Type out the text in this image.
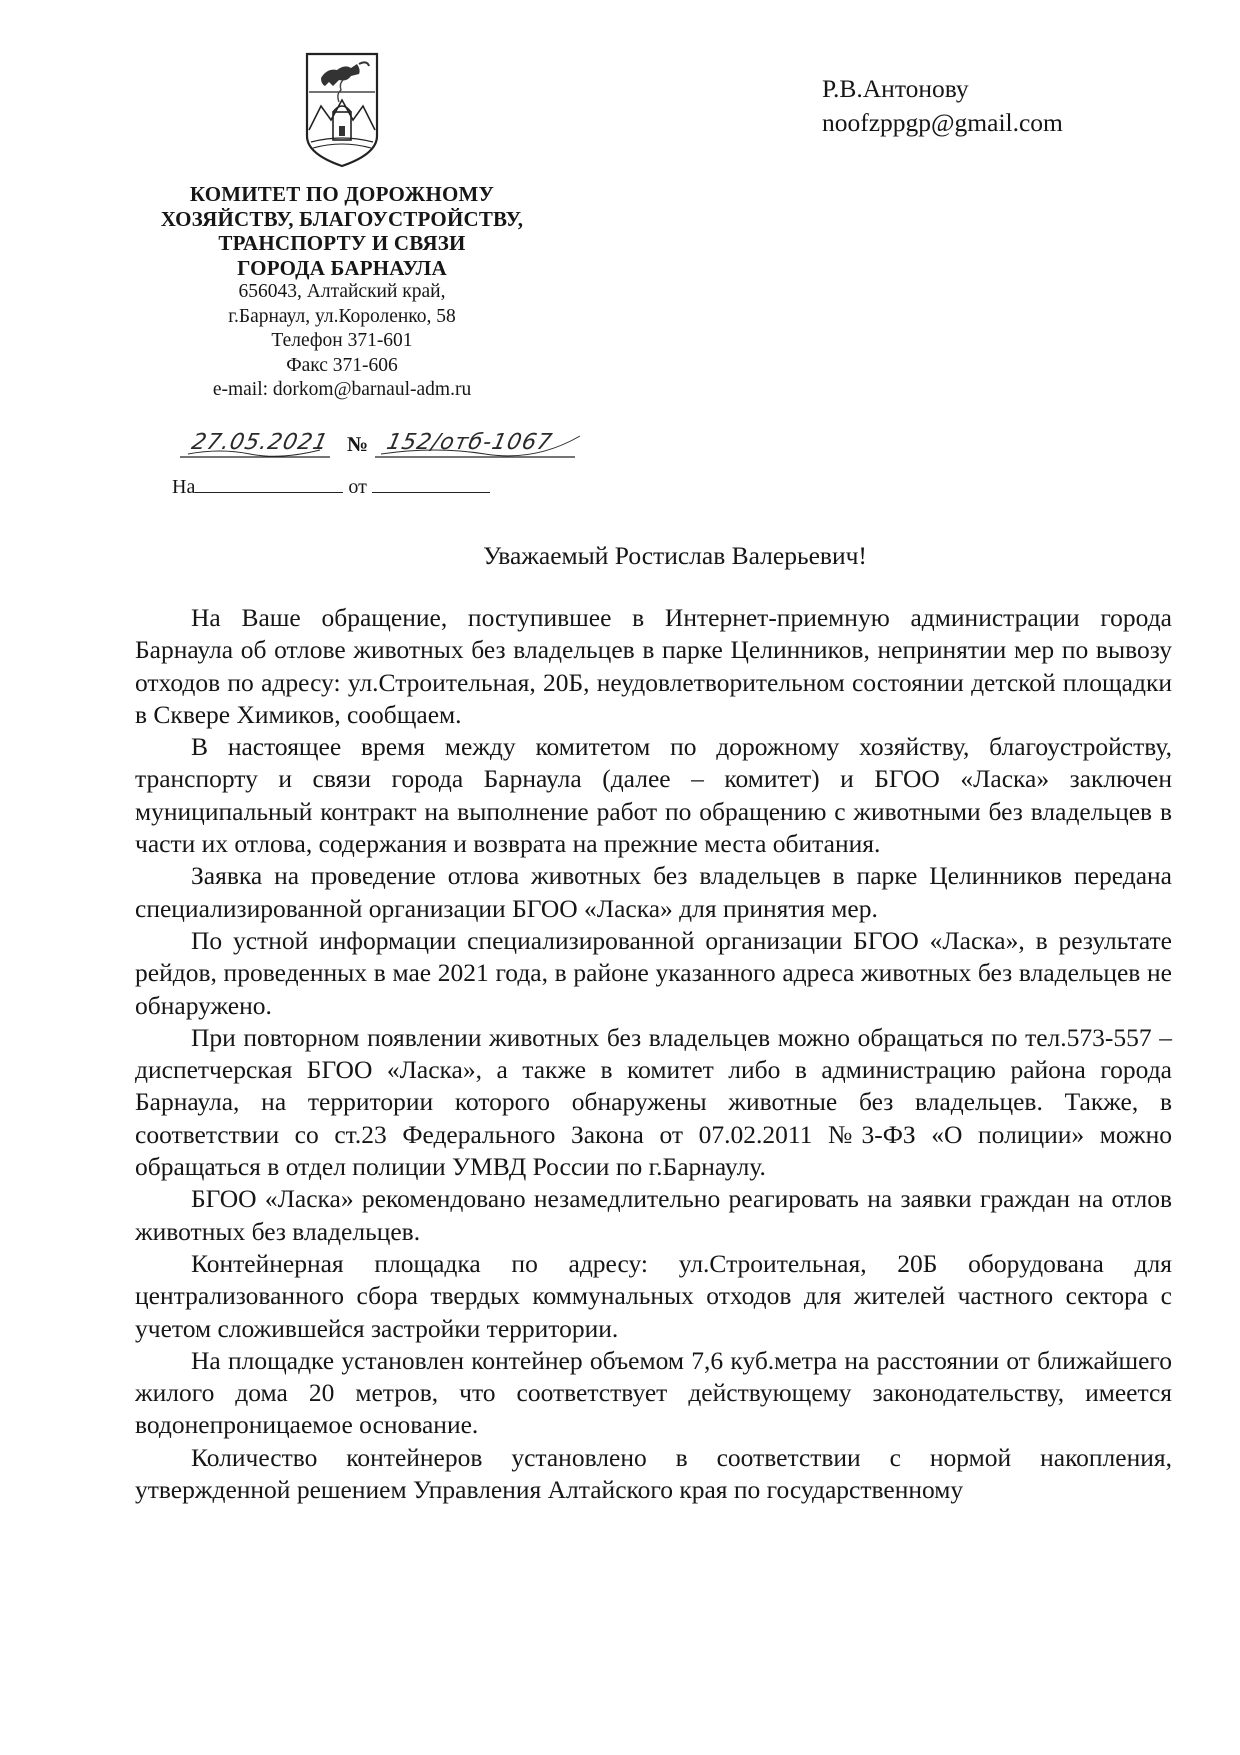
КОМИТЕТ ПО ДОРОЖНОМУ
ХОЗЯЙСТВУ, БЛАГОУСТРОЙСТВУ,
ТРАНСПОРТУ И СВЯЗИ
ГОРОДА БАРНАУЛА
656043, Алтайский край,
г.Барнаул, ул.Короленко, 58
Телефон 371-601
Факс 371-606
e-mail: dorkom@barnaul-adm.ru
27.05.2021 № 152/отб-1067
На	от
Р.В.Антонову
noofzppgp@gmail.com
Уважаемый Ростислав Валерьевич!

На Ваше обращение, поступившее в Интернет-приемную администрации города Барнаула об отлове животных без владельцев в парке Целинников, непринятии мер по вывозу отходов по адресу: ул.Строительная, 20Б, неудовлетворительном состоянии детской площадки в Сквере Химиков, сообщаем.

В настоящее время между комитетом по дорожному хозяйству, благоустройству, транспорту и связи города Барнаула (далее – комитет) и БГОО «Ласка» заключен муниципальный контракт на выполнение работ по обращению с животными без владельцев в части их отлова, содержания и возврата на прежние места обитания.

Заявка на проведение отлова животных без владельцев в парке Целинников передана специализированной организации БГОО «Ласка» для принятия мер.

По устной информации специализированной организации БГОО «Ласка», в результате рейдов, проведенных в мае 2021 года, в районе указанного адреса животных без владельцев не обнаружено.

При повторном появлении животных без владельцев можно обращаться по тел.573-557 – диспетчерская БГОО «Ласка», а также в комитет либо в администрацию района города Барнаула, на территории которого обнаружены животные без владельцев. Также, в соответствии со ст.23 Федерального Закона от 07.02.2011 №3-ФЗ «О полиции» можно обращаться в отдел полиции УМВД России по г.Барнаулу.

БГОО «Ласка» рекомендовано незамедлительно реагировать на заявки граждан на отлов животных без владельцев.

Контейнерная площадка по адресу: ул.Строительная, 20Б оборудована для централизованного сбора твердых коммунальных отходов для жителей частного сектора с учетом сложившейся застройки территории.

На площадке установлен контейнер объемом 7,6 куб.метра на расстоянии от ближайшего жилого дома 20 метров, что соответствует действующему законодательству, имеется водонепроницаемое основание.

Количество контейнеров установлено в соответствии с нормой накопления, утвержденной решением Управления Алтайского края по государственному
